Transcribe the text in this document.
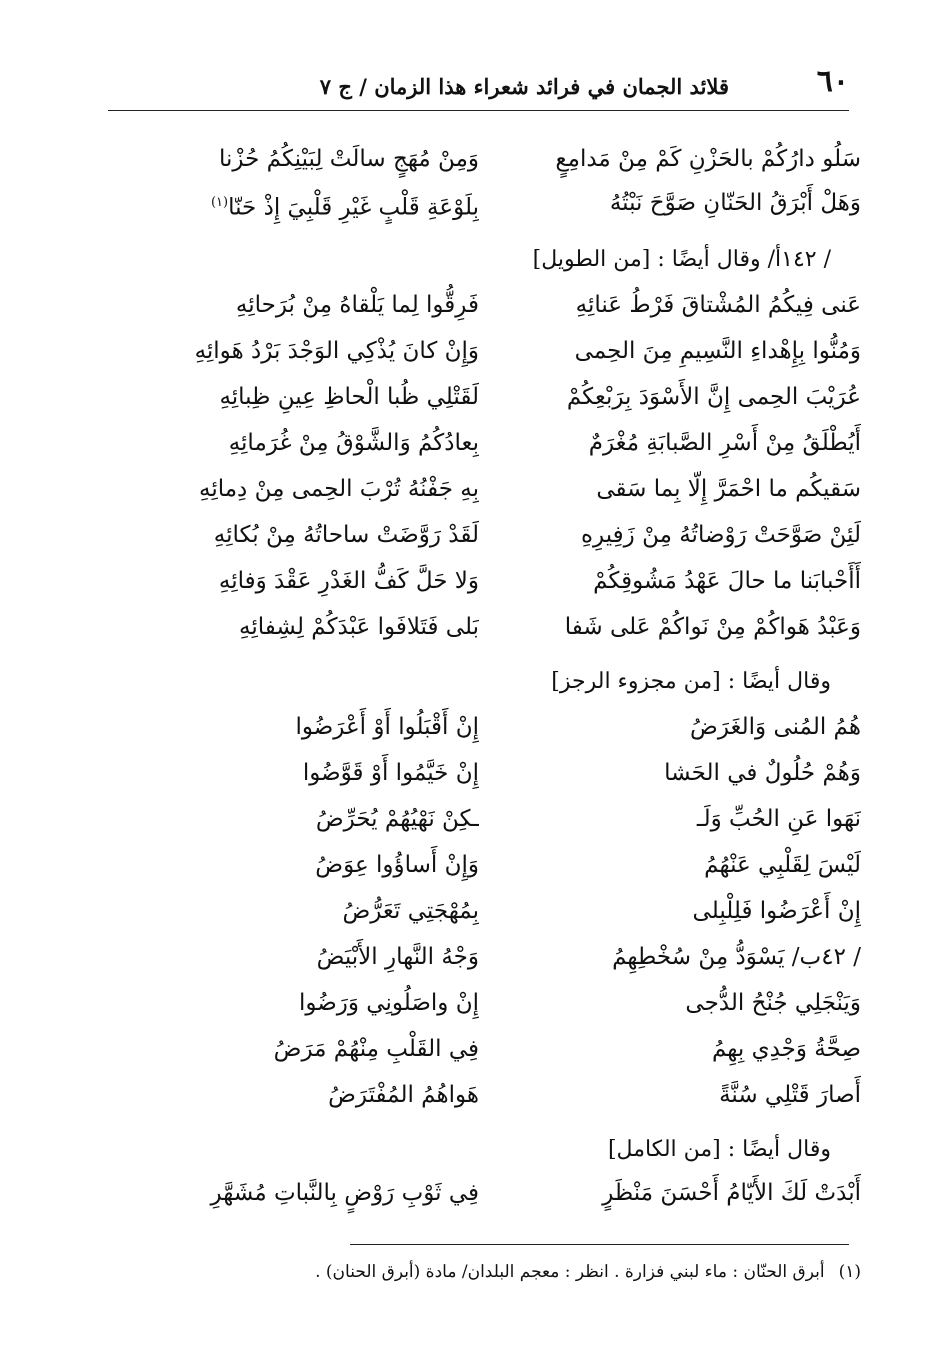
٦٠
قلائد الجمان في فرائد شعراء هذا الزمان / ج ٧
سَلُو دارُكُمْ بالحَزْنِ كَمْ مِنْ مَدامِعٍ
وَمِنْ مُهَجٍ سالَتْ لِبَيْنِكُمُ حُزْنا
وَهَلْ أَبْرَقُ الحَنّانِ صَوَّحَ نَبْتُهُ
بِلَوْعَةِ قَلْبٍ غَيْرِ قَلْبِيَ إِذْ حَنّا$^{(١)}$
/ ١٤٢أ/ وقال أيضًا : [من الطويل]
عَنى فِيكُمُ المُشْتاقَ فَرْطُ عَنائِهِ
فَرِقُّوا لِما يَلْقاهُ مِنْ بُرَحائِهِ
وَمُنُّوا بِإِهْداءِ النَّسِيمِ مِنَ الحِمى
وَإِنْ كانَ يُذْكِي الوَجْدَ بَرْدُ هَوائِهِ
عُرَيْبَ الحِمى إِنَّ الأَسْوَدَ بِرَبْعِكُمْ
لَقَتْلِي ظُبا الْحاظِ عِينِ ظِبائِهِ
أَيُطْلَقُ مِنْ أَسْرِ الصَّبابَةِ مُغْرَمٌ
بِعادُكُمُ وَالشَّوْقُ مِنْ غُرَمائِهِ
سَقيكُم ما احْمَرَّ إِلّا بِما سَقى
بِهِ جَفْنُهُ تُرْبَ الحِمى مِنْ دِمائِهِ
لَئِنْ صَوَّحَتْ رَوْضاتُهُ مِنْ زَفِيرِهِ
لَقَدْ رَوَّضَتْ ساحاتُهُ مِنْ بُكائِهِ
أَأَحْبابَنا ما حالَ عَهْدُ مَشُوقِكُمْ
وَلا حَلَّ كَفُّ الغَدْرِ عَقْدَ وَفائِهِ
وَعَبْدُ هَواكُمْ مِنْ نَواكُمْ عَلى شَفا
بَلى فَتَلافَوا عَبْدَكُمْ لِشِفائِهِ
وقال أيضًا : [من مجزوء الرجز]
هُمُ المُنى وَالغَرَضُ
إِنْ أَقْبَلُوا أَوْ أَعْرَضُوا
وَهُمْ حُلُولٌ في الحَشا
إِنْ خَيَّمُوا أَوْ قَوَّضُوا
نَهَوا عَنِ الحُبِّ وَلَـ
ـكِنْ نَهْيُهُمْ يُحَرِّضُ
لَيْسَ لِقَلْبِي عَنْهُمُ
وَإِنْ أَساؤُوا عِوَضُ
إِنْ أَعْرَضُوا فَلِلْبِلى
بِمُهْجَتِي تَعَرُّضُ
/ ٤٢ب/ يَسْوَدُّ مِنْ سُخْطِهِمُ
وَجْهُ النَّهارِ الأَبْيَضُ
وَيَنْجَلِي جُنْحُ الدُّجى
إِنْ واصَلُونِي وَرَضُوا
صِحَّةُ وَجْدِي بِهِمُ
فِي القَلْبِ مِنْهُمْ مَرَضُ
أَصارَ قَتْلِي سُنَّةً
هَواهُمُ المُفْتَرَضُ
وقال أيضًا : [من الكامل]
أَبْدَتْ لَكَ الأَيّامُ أَحْسَنَ مَنْظَرٍ
فِي ثَوْبِ رَوْضٍ بِالنَّباتِ مُشَهَّرِ
(١)أبرق الحنّان : ماء لبني فزارة . انظر : معجم البلدان/ مادة (أبرق الحنان) .
